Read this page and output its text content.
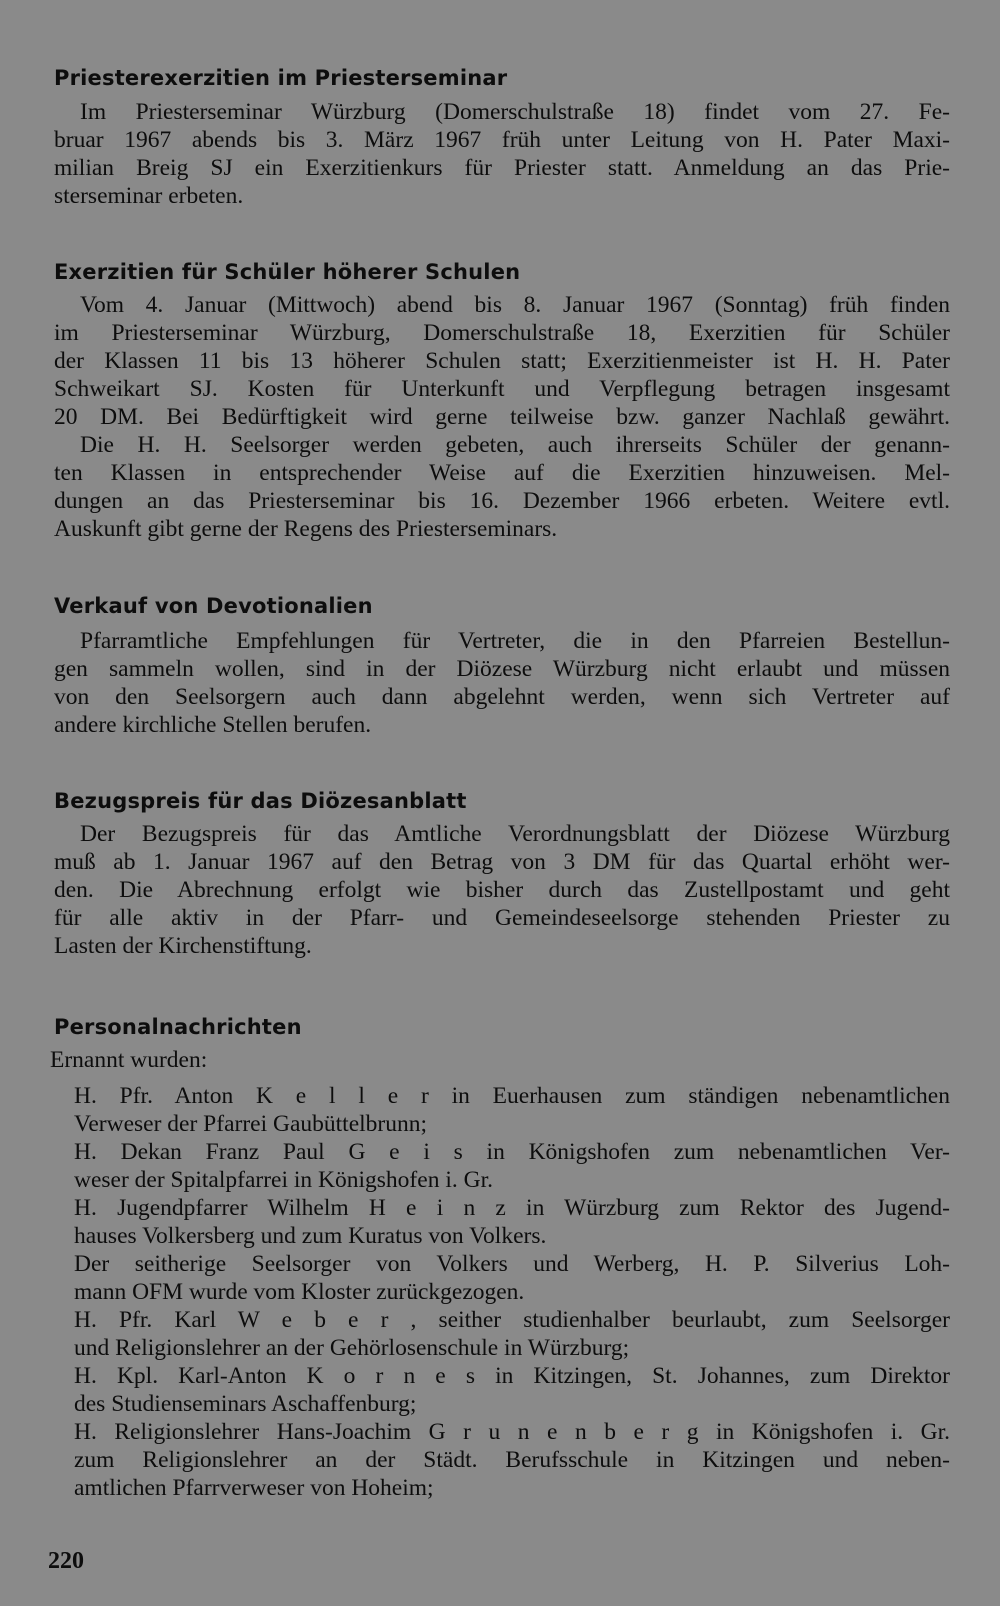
Priesterexerzitien im Priesterseminar
Im Priesterseminar Würzburg (Domerschulstraße 18) findet vom 27. Fe-
bruar 1967 abends bis 3. März 1967 früh unter Leitung von H. Pater Maxi-
milian Breig SJ ein Exerzitienkurs für Priester statt. Anmeldung an das Prie-
sterseminar erbeten.
Exerzitien für Schüler höherer Schulen
Vom 4. Januar (Mittwoch) abend bis 8. Januar 1967 (Sonntag) früh finden
im Priesterseminar Würzburg, Domerschulstraße 18, Exerzitien für Schüler
der Klassen 11 bis 13 höherer Schulen statt; Exerzitienmeister ist H. H. Pater
Schweikart SJ. Kosten für Unterkunft und Verpflegung betragen insgesamt
20 DM. Bei Bedürftigkeit wird gerne teilweise bzw. ganzer Nachlaß gewährt.
Die H. H. Seelsorger werden gebeten, auch ihrerseits Schüler der genann-
ten Klassen in entsprechender Weise auf die Exerzitien hinzuweisen. Mel-
dungen an das Priesterseminar bis 16. Dezember 1966 erbeten. Weitere evtl.
Auskunft gibt gerne der Regens des Priesterseminars.
Verkauf von Devotionalien
Pfarramtliche Empfehlungen für Vertreter, die in den Pfarreien Bestellun-
gen sammeln wollen, sind in der Diözese Würzburg nicht erlaubt und müssen
von den Seelsorgern auch dann abgelehnt werden, wenn sich Vertreter auf
andere kirchliche Stellen berufen.
Bezugspreis für das Diözesanblatt
Der Bezugspreis für das Amtliche Verordnungsblatt der Diözese Würzburg
muß ab 1. Januar 1967 auf den Betrag von 3 DM für das Quartal erhöht wer-
den. Die Abrechnung erfolgt wie bisher durch das Zustellpostamt und geht
für alle aktiv in der Pfarr- und Gemeindeseelsorge stehenden Priester zu
Lasten der Kirchenstiftung.
Personalnachrichten
Ernannt wurden:
H. Pfr. Anton K e l l e r in Euerhausen zum ständigen nebenamtlichen
Verweser der Pfarrei Gaubüttelbrunn;
H. Dekan Franz Paul G e i s in Königshofen zum nebenamtlichen Ver-
weser der Spitalpfarrei in Königshofen i. Gr.
H. Jugendpfarrer Wilhelm H e i n z in Würzburg zum Rektor des Jugend-
hauses Volkersberg und zum Kuratus von Volkers.
Der seitherige Seelsorger von Volkers und Werberg, H. P. Silverius Loh-
mann OFM wurde vom Kloster zurückgezogen.
H. Pfr. Karl W e b e r , seither studienhalber beurlaubt, zum Seelsorger
und Religionslehrer an der Gehörlosenschule in Würzburg;
H. Kpl. Karl-Anton K o r n e s in Kitzingen, St. Johannes, zum Direktor
des Studienseminars Aschaffenburg;
H. Religionslehrer Hans-Joachim G r u n e n b e r g in Königshofen i. Gr.
zum Religionslehrer an der Städt. Berufsschule in Kitzingen und neben-
amtlichen Pfarrverweser von Hoheim;
220
